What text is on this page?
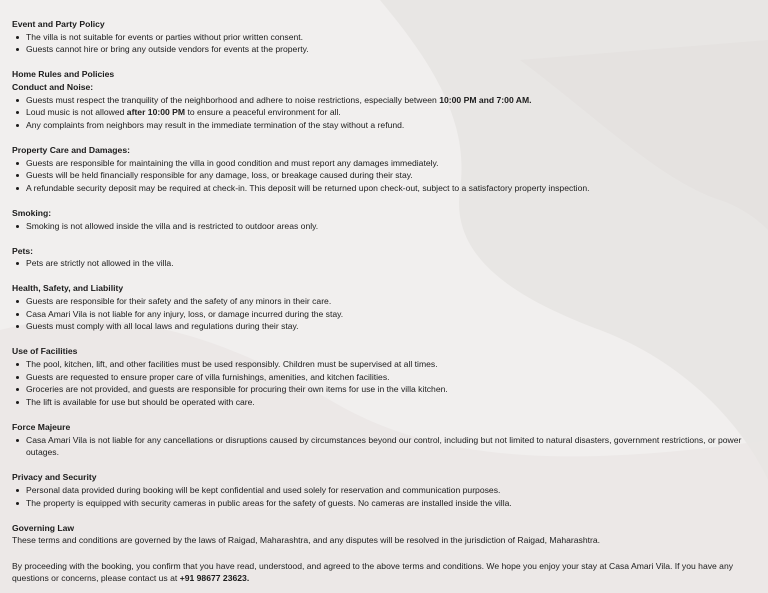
Event and Party Policy
The villa is not suitable for events or parties without prior written consent.
Guests cannot hire or bring any outside vendors for events at the property.
Home Rules and Policies
Conduct and Noise:
Guests must respect the tranquility of the neighborhood and adhere to noise restrictions, especially between 10:00 PM and 7:00 AM.
Loud music is not allowed after 10:00 PM to ensure a peaceful environment for all.
Any complaints from neighbors may result in the immediate termination of the stay without a refund.
Property Care and Damages:
Guests are responsible for maintaining the villa in good condition and must report any damages immediately.
Guests will be held financially responsible for any damage, loss, or breakage caused during their stay.
A refundable security deposit may be required at check-in. This deposit will be returned upon check-out, subject to a satisfactory property inspection.
Smoking:
Smoking is not allowed inside the villa and is restricted to outdoor areas only.
Pets:
Pets are strictly not allowed in the villa.
Health, Safety, and Liability
Guests are responsible for their safety and the safety of any minors in their care.
Casa Amari Vila is not liable for any injury, loss, or damage incurred during the stay.
Guests must comply with all local laws and regulations during their stay.
Use of Facilities
The pool, kitchen, lift, and other facilities must be used responsibly. Children must be supervised at all times.
Guests are requested to ensure proper care of villa furnishings, amenities, and kitchen facilities.
Groceries are not provided, and guests are responsible for procuring their own items for use in the villa kitchen.
The lift is available for use but should be operated with care.
Force Majeure
Casa Amari Vila is not liable for any cancellations or disruptions caused by circumstances beyond our control, including but not limited to natural disasters, government restrictions, or power outages.
Privacy and Security
Personal data provided during booking will be kept confidential and used solely for reservation and communication purposes.
The property is equipped with security cameras in public areas for the safety of guests. No cameras are installed inside the villa.
Governing Law

These terms and conditions are governed by the laws of Raigad, Maharashtra, and any disputes will be resolved in the jurisdiction of Raigad, Maharashtra.

By proceeding with the booking, you confirm that you have read, understood, and agreed to the above terms and conditions. We hope you enjoy your stay at Casa Amari Vila. If you have any questions or concerns, please contact us at +91 98677 23623.
